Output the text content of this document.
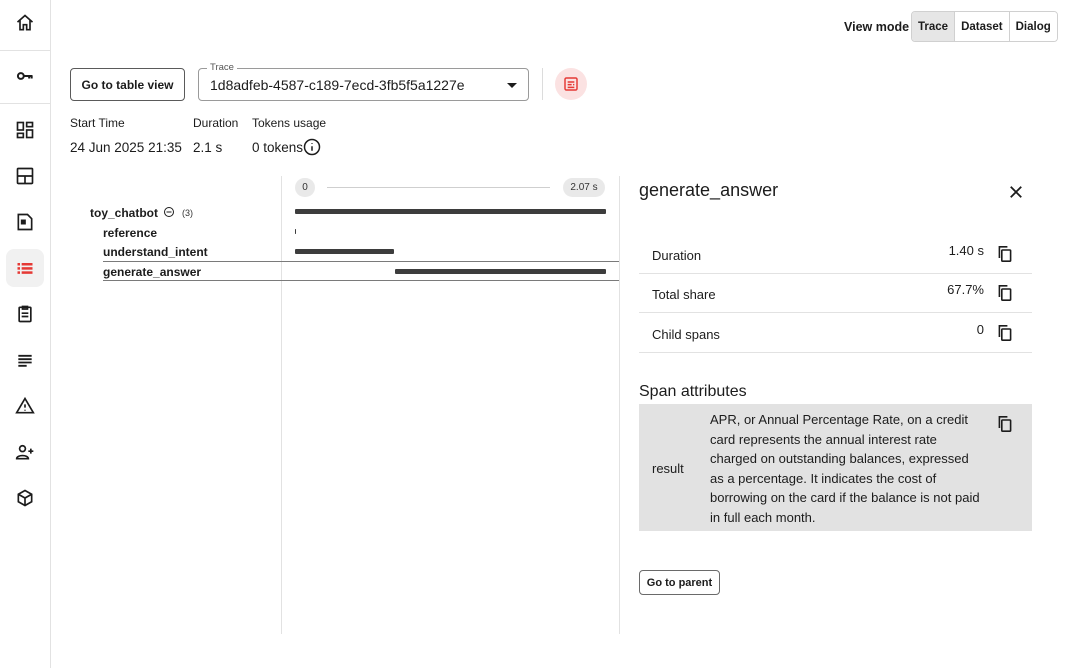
View mode Trace	Dataset	Dialog
Go to table view
Trace
1d8adfeb-4587-c189-7ecd-3fb5f5a1227e
Start Time
24 Jun 2025 21:35
Duration
2.1 s
Tokens usage
0 tokens
toy_chatbot	(3)
reference
understand_intent
generate_answer
0	2.07 s	generate_answer
Duration	1.40 s
Total share	67.7%
Child spans	0
Span attributes
result
APR, or Annual Percentage Rate, on a credit card represents the annual interest rate charged on outstanding balances, expressed as a percentage. It indicates the cost of borrowing on the card if the balance is not paid in full each month.
Go to parent
